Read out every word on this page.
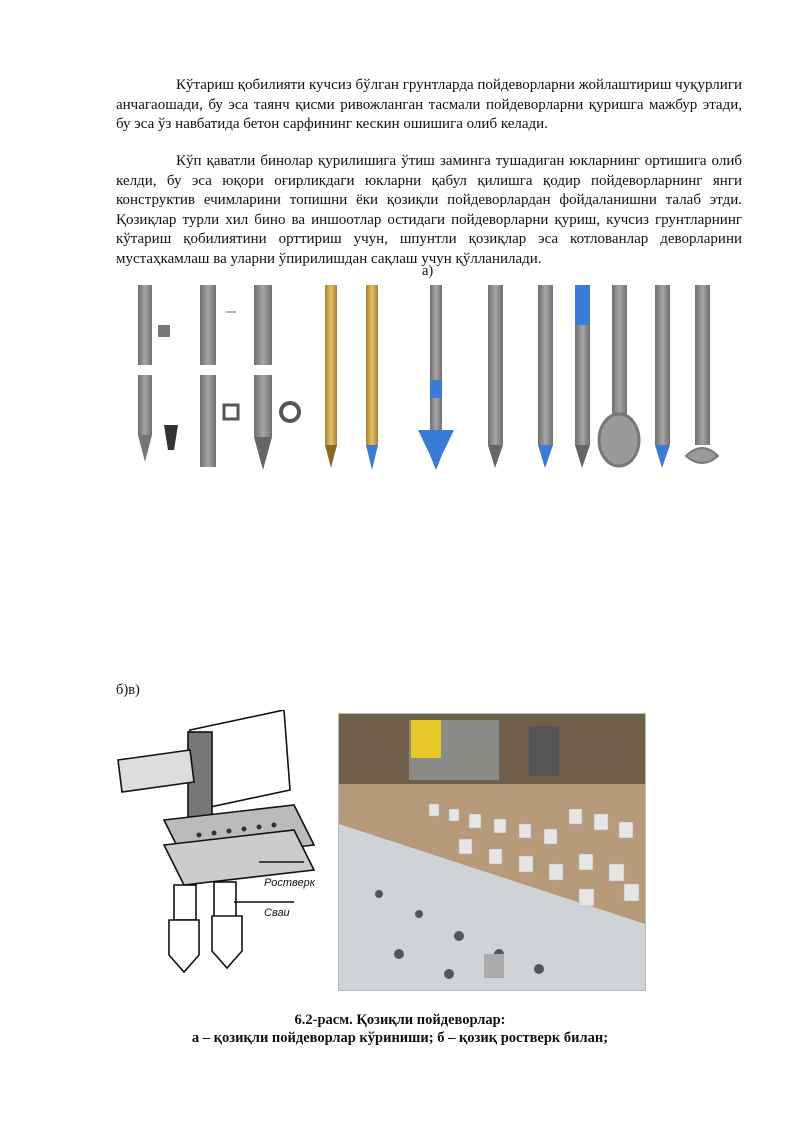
Кўтариш қобилияти кучсиз бўлган грунтларда пойдеворларни жойлаштириш чуқурлиги анчагаошади, бу эса таянч қисми ривожланган тасмали пойдеворларни қуришга мажбур этади, бу эса ўз навбатида бетон сарфининг кескин ошишига олиб келади.

Кўп қаватли бинолар қурилишига ўтиш заминга тушадиган юкларнинг ортишига олиб келди, бу эса юқори оғирликдаги юкларни қабул қилишга қодир пойдеворларнинг янги конструктив ечимларини топишни ёки қозиқли пойдеворлардан фойдаланишни талаб этди. Қозиқлар турли хил бино ва иншоотлар остидаги пойдеворларни қуриш, кучсиз грунтларнинг кўтариш қобилиятини орттириш учун, шпунтли қозиқлар эса котлованлар деворларини мустаҳкамлаш ва уларни ўпирилишдан сақлаш учун қўлланилади.

а)
б)в)
Ростверк
Сваи
6.2-расм. Қозиқли пойдеворлар:
а – қозиқли пойдеворлар кўриниши; б – қозиқ ростверк билан;
